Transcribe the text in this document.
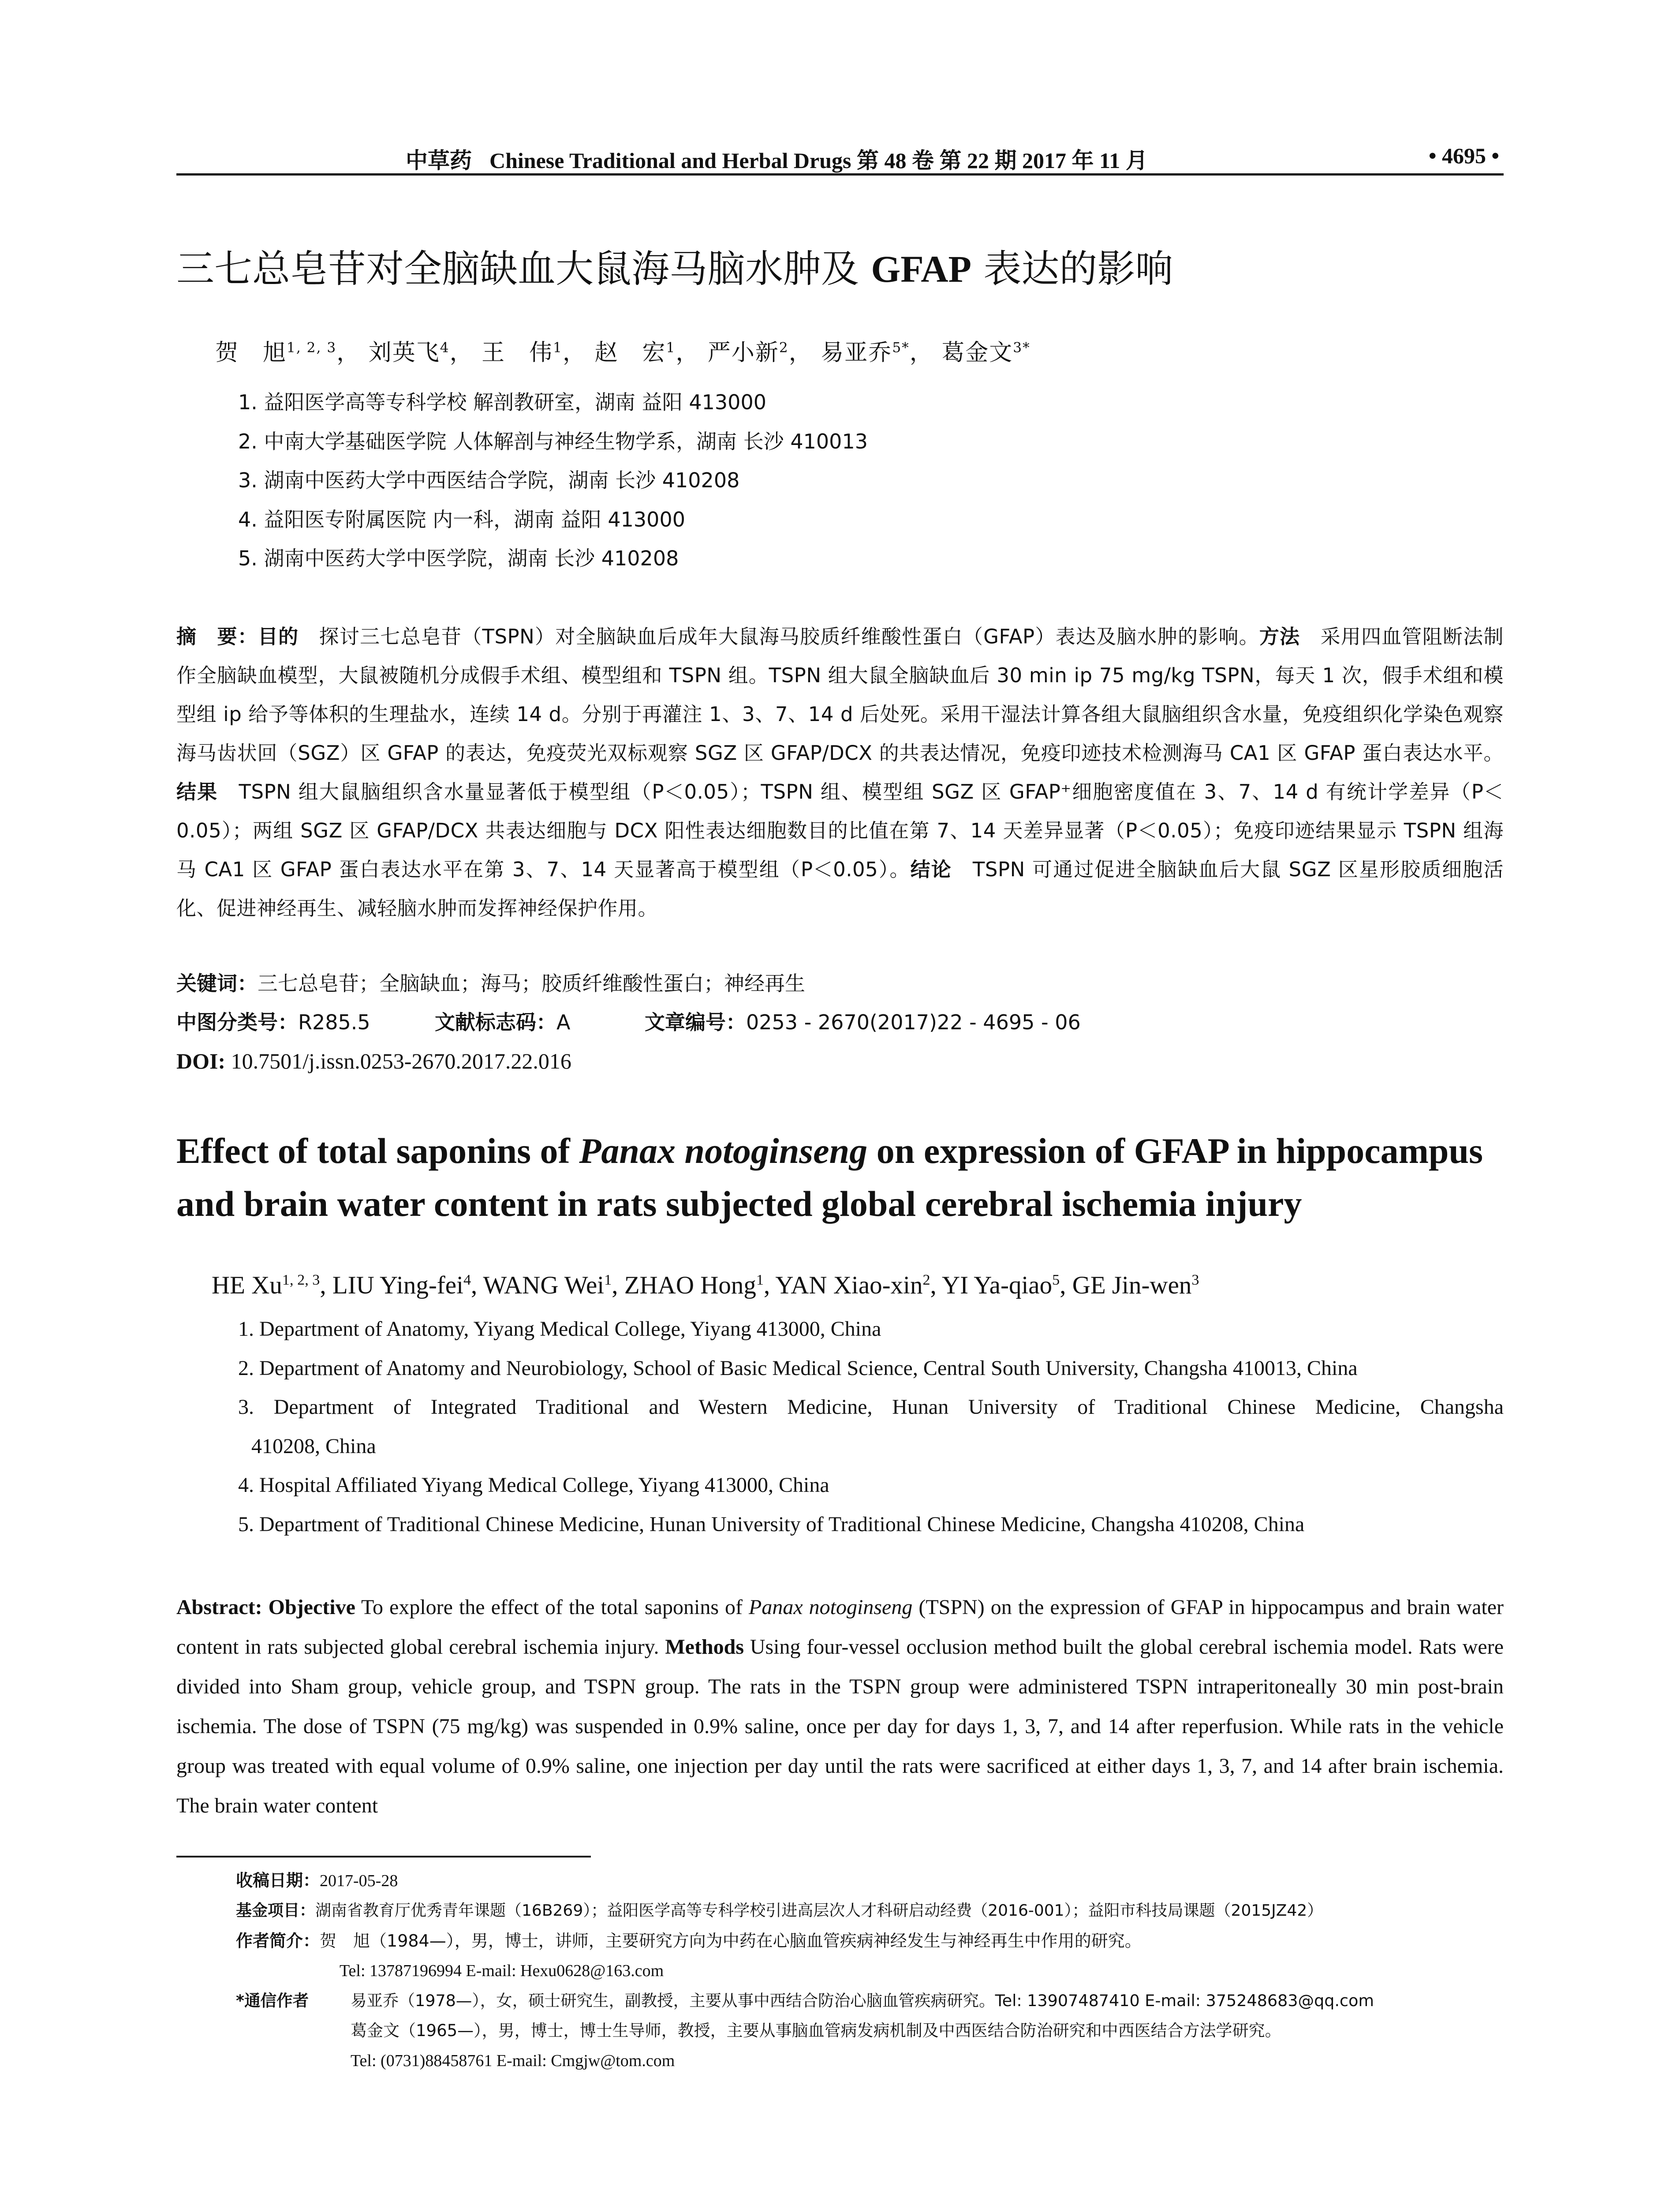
中草药 Chinese Traditional and Herbal Drugs 第 48 卷 第 22 期 2017 年 11 月	• 4695 •
三七总皂苷对全脑缺血大鼠海马脑水肿及 GFAP 表达的影响
贺　旭$^{1, 2, 3}$， 刘英飞$^4$， 王　伟$^1$， 赵　宏$^1$， 严小新$^2$， 易亚乔$^{5*}$， 葛金文$^{3*}$
1. 益阳医学高等专科学校 解剖教研室，湖南 益阳 413000
2. 中南大学基础医学院 人体解剖与神经生物学系，湖南 长沙 410013
3. 湖南中医药大学中西医结合学院，湖南 长沙 410208
4. 益阳医专附属医院 内一科，湖南 益阳 413000
5. 湖南中医药大学中医学院，湖南 长沙 410208
摘　要：目的　探讨三七总皂苷（TSPN）对全脑缺血后成年大鼠海马胶质纤维酸性蛋白（GFAP）表达及脑水肿的影响。方法　采用四血管阻断法制作全脑缺血模型，大鼠被随机分成假手术组、模型组和 TSPN 组。TSPN 组大鼠全脑缺血后 30 min ip 75 mg/kg TSPN，每天 1 次，假手术组和模型组 ip 给予等体积的生理盐水，连续 14 d。分别于再灌注 1、3、7、14 d 后处死。采用干湿法计算各组大鼠脑组织含水量，免疫组织化学染色观察海马齿状回（SGZ）区 GFAP 的表达，免疫荧光双标观察 SGZ 区 GFAP/DCX 的共表达情况，免疫印迹技术检测海马 CA1 区 GFAP 蛋白表达水平。结果　TSPN 组大鼠脑组织含水量显著低于模型组（P＜0.05）；TSPN 组、模型组 SGZ 区 GFAP⁺细胞密度值在 3、7、14 d 有统计学差异（P＜0.05）；两组 SGZ 区 GFAP/DCX 共表达细胞与 DCX 阳性表达细胞数目的比值在第 7、14 天差异显著（P＜0.05）；免疫印迹结果显示 TSPN 组海马 CA1 区 GFAP 蛋白表达水平在第 3、7、14 天显著高于模型组（P＜0.05）。结论　TSPN 可通过促进全脑缺血后大鼠 SGZ 区星形胶质细胞活化、促进神经再生、减轻脑水肿而发挥神经保护作用。
关键词：三七总皂苷；全脑缺血；海马；胶质纤维酸性蛋白；神经再生
中图分类号：R285.5	文献标志码：A	文章编号：0253 - 2670(2017)22 - 4695 - 06
DOI: 10.7501/j.issn.0253-2670.2017.22.016
Effect of total saponins of Panax notoginseng on expression of GFAP in hippocampus and brain water content in rats subjected global cerebral ischemia injury
HE Xu$^{1, 2, 3}$, LIU Ying-fei$^4$, WANG Wei$^1$, ZHAO Hong$^1$, YAN Xiao-xin$^2$, YI Ya-qiao$^5$, GE Jin-wen$^3$
1. Department of Anatomy, Yiyang Medical College, Yiyang 413000, China
2. Department of Anatomy and Neurobiology, School of Basic Medical Science, Central South University, Changsha 410013, China
3. Department of Integrated Traditional and Western Medicine, Hunan University of Traditional Chinese Medicine, Changsha
410208, China
4. Hospital Affiliated Yiyang Medical College, Yiyang 413000, China
5. Department of Traditional Chinese Medicine, Hunan University of Traditional Chinese Medicine, Changsha 410208, China
Abstract: Objective To explore the effect of the total saponins of Panax notoginseng (TSPN) on the expression of GFAP in hippocampus and brain water content in rats subjected global cerebral ischemia injury. Methods Using four-vessel occlusion method built the global cerebral ischemia model. Rats were divided into Sham group, vehicle group, and TSPN group. The rats in the TSPN group were administered TSPN intraperitoneally 30 min post-brain ischemia. The dose of TSPN (75 mg/kg) was suspended in 0.9% saline, once per day for days 1, 3, 7, and 14 after reperfusion. While rats in the vehicle group was treated with equal volume of 0.9% saline, one injection per day until the rats were sacrificed at either days 1, 3, 7, and 14 after brain ischemia. The brain water content
收稿日期：2017-05-28
基金项目：湖南省教育厅优秀青年课题（16B269）；益阳医学高等专科学校引进高层次人才科研启动经费（2016-001）；益阳市科技局课题（2015JZ42）
作者简介：贺　旭（1984—），男，博士，讲师，主要研究方向为中药在心脑血管疾病神经发生与神经再生中作用的研究。
Tel: 13787196994 E-mail: Hexu0628@163.com
*通信作者	易亚乔（1978—），女，硕士研究生，副教授，主要从事中西结合防治心脑血管疾病研究。Tel: 13907487410 E-mail: 375248683@qq.com
葛金文（1965—），男，博士，博士生导师，教授，主要从事脑血管病发病机制及中西医结合防治研究和中西医结合方法学研究。
Tel: (0731)88458761 E-mail: Cmgjw@tom.com
